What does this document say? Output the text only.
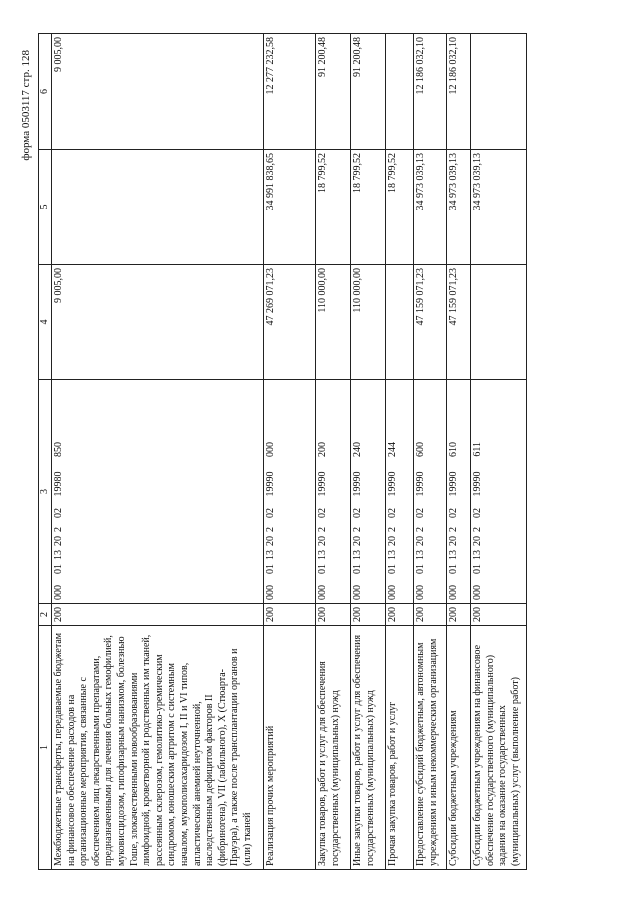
форма 0503117 стр. 128
1	2	3	4	5	6
Межбюджетные трансферты, передаваемые бюджетам на финансовое обеспечение расходов на организационные мероприятия, связанные с обеспечением лиц лекарственными препаратами, предназначенными для лечения больных гемофилией, муковисцидозом, гипофизарным нанизмом, болезнью Гоше, злокачественными новообразованиями лимфоидной, кроветворной и родственных им тканей, рассеянным склерозом, гемолитико-уремическим синдромом, юношеским артритом с системным началом, мукополисахаридозом I, II и VI типов, апластической анемией неуточненной, наследственным дефицитом факторов II (фибриногена), VII (лабильного), X (Стюарта-Прауэра), а также после трансплантации органов и (или) тканей	200	00001132020219980850	9 005,00		9 005,00
Реализация прочих мероприятий	200	00001132020219990000	47 269 071,23	34 991 838,65	12 277 232,58
Закупка товаров, работ и услуг для обеспечения государственных (муниципальных) нужд	200	00001132020219990200	110 000,00	18 799,52	91 200,48
Иные закупки товаров, работ и услуг для обеспечения государственных (муниципальных) нужд	200	00001132020219990240	110 000,00	18 799,52	91 200,48
Прочая закупка товаров, работ и услуг	200	00001132020219990244		18 799,52	
Предоставление субсидий бюджетным, автономным учреждениям и иным некоммерческим организациям	200	00001132020219990600	47 159 071,23	34 973 039,13	12 186 032,10
Субсидии бюджетным учреждениям	200	00001132020219990610	47 159 071,23	34 973 039,13	12 186 032,10
Субсидии бюджетным учреждениям на финансовое обеспечение государственного (муниципального) задания на оказание государственных (муниципальных) услуг (выполнение работ)	200	00001132020219990611		34 973 039,13	
